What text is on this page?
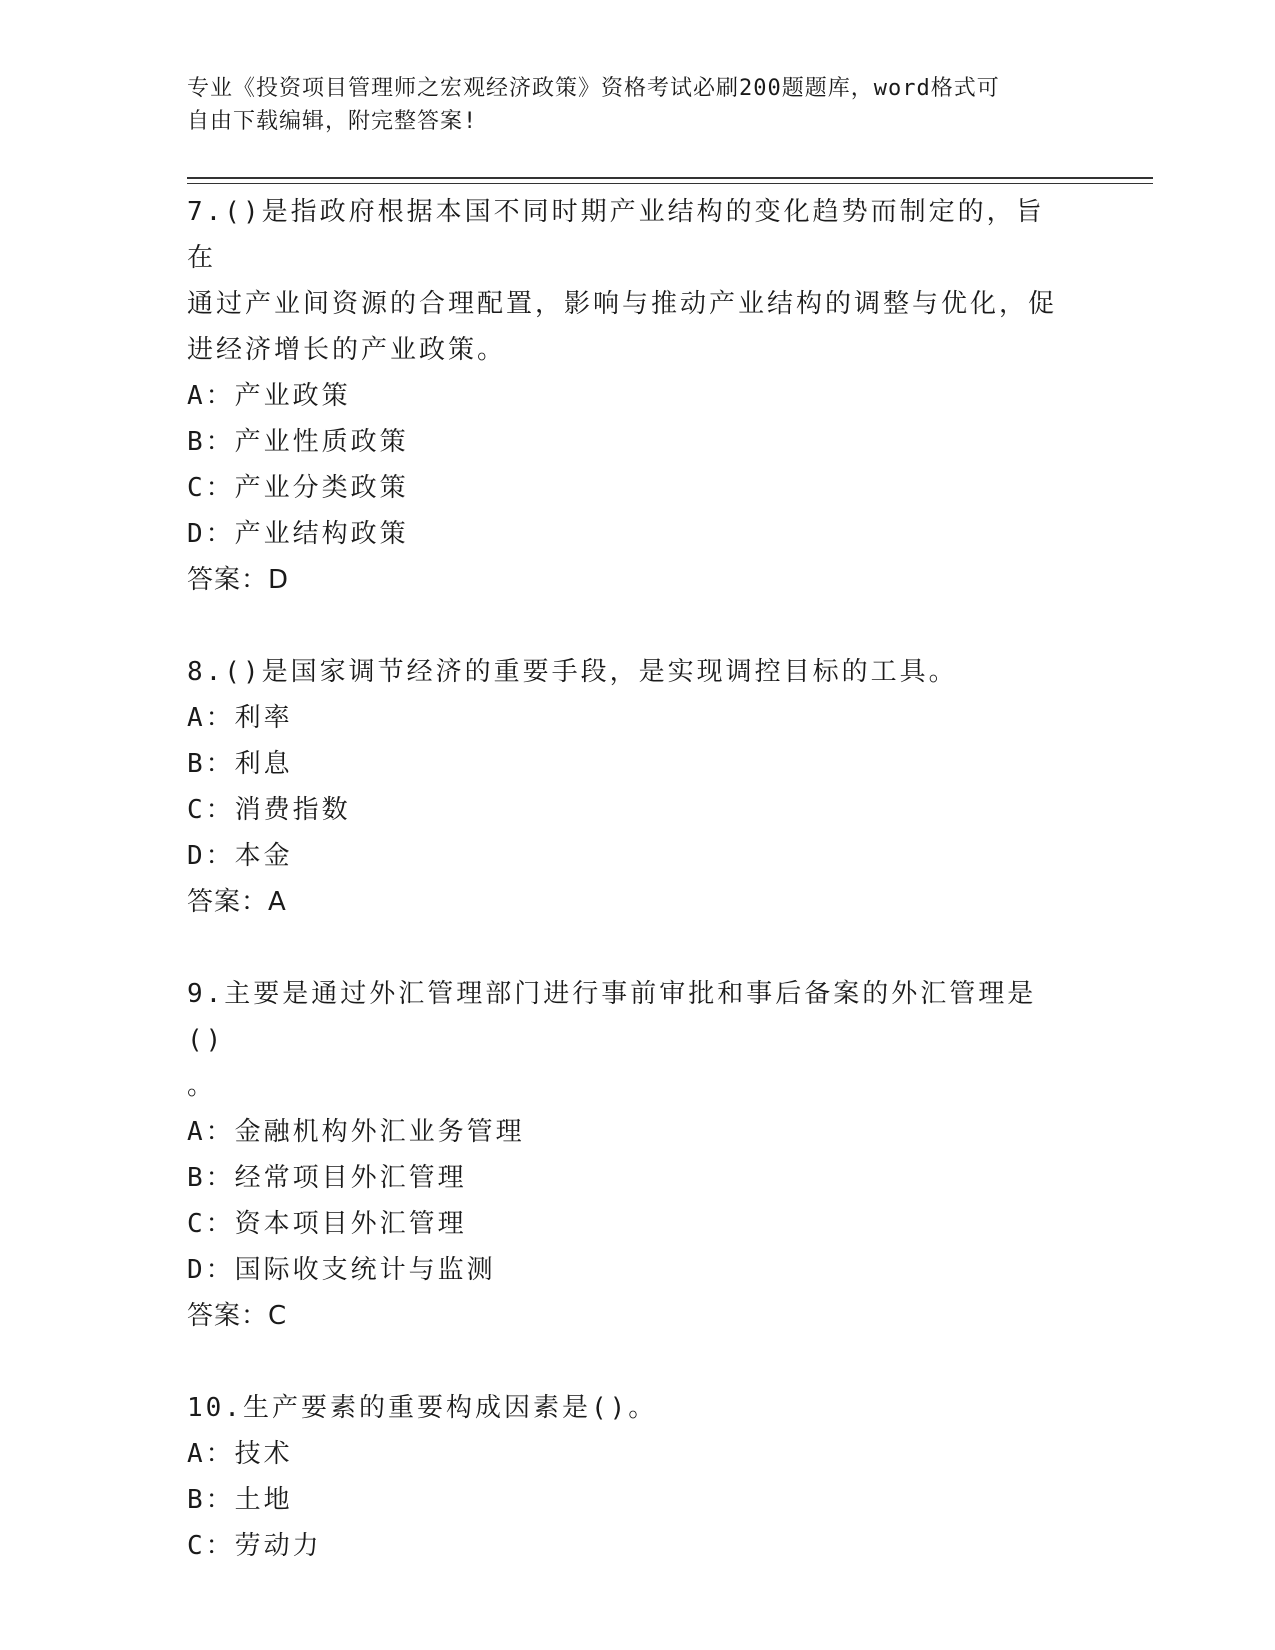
专业《投资项目管理师之宏观经济政策》资格考试必刷200题题库，word格式可
自由下载编辑，附完整答案!

7.()是指政府根据本国不同时期产业结构的变化趋势而制定的，旨在
通过产业间资源的合理配置，影响与推动产业结构的调整与优化，促
进经济增长的产业政策。

A：产业政策

B：产业性质政策

C：产业分类政策

D：产业结构政策

答案：D

8.()是国家调节经济的重要手段，是实现调控目标的工具。

A：利率

B：利息

C：消费指数

D：本金

答案：A

9.主要是通过外汇管理部门进行事前审批和事后备案的外汇管理是()
。

A：金融机构外汇业务管理

B：经常项目外汇管理

C：资本项目外汇管理

D：国际收支统计与监测

答案：C

10.生产要素的重要构成因素是()。

A：技术

B：土地

C：劳动力
